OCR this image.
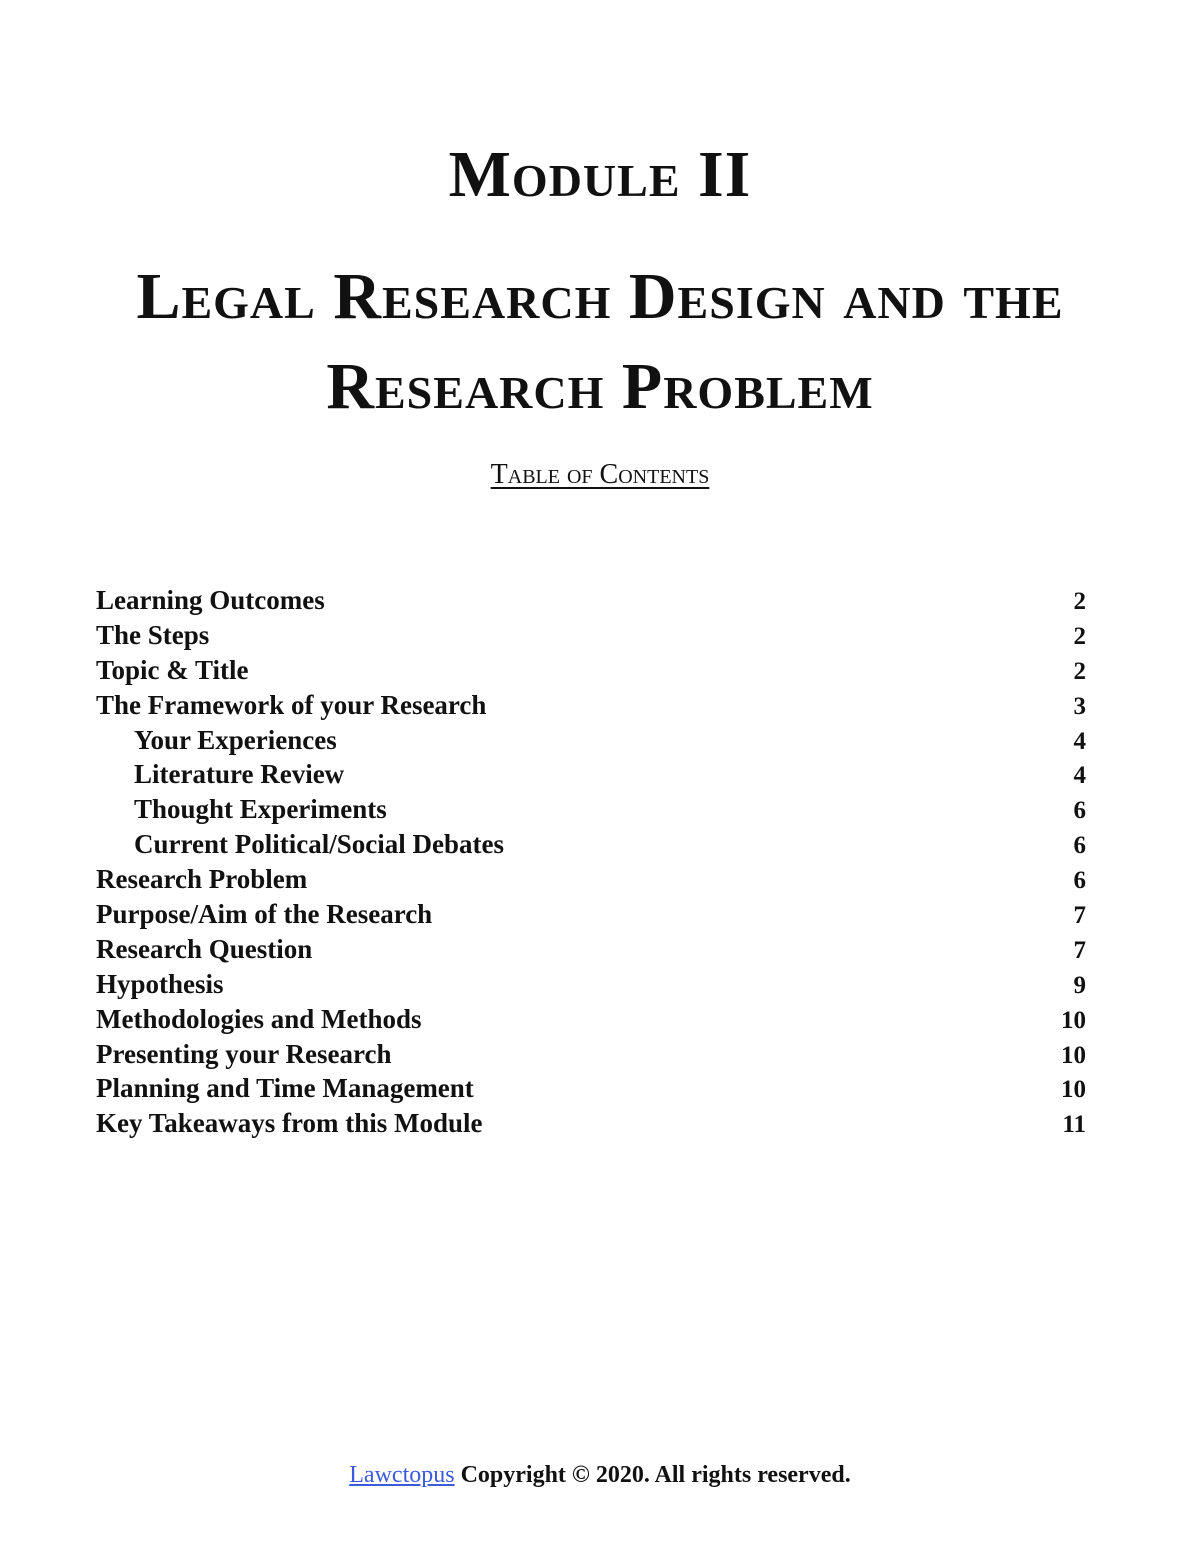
Module II
Legal Research Design and the Research Problem
Table of Contents
Learning Outcomes	2
The Steps	2
Topic & Title	2
The Framework of your Research	3
Your Experiences	4
Literature Review	4
Thought Experiments	6
Current Political/Social Debates	6
Research Problem	6
Purpose/Aim of the Research	7
Research Question	7
Hypothesis	9
Methodologies and Methods	10
Presenting your Research	10
Planning and Time Management	10
Key Takeaways from this Module	11
Lawctopus Copyright © 2020. All rights reserved.
